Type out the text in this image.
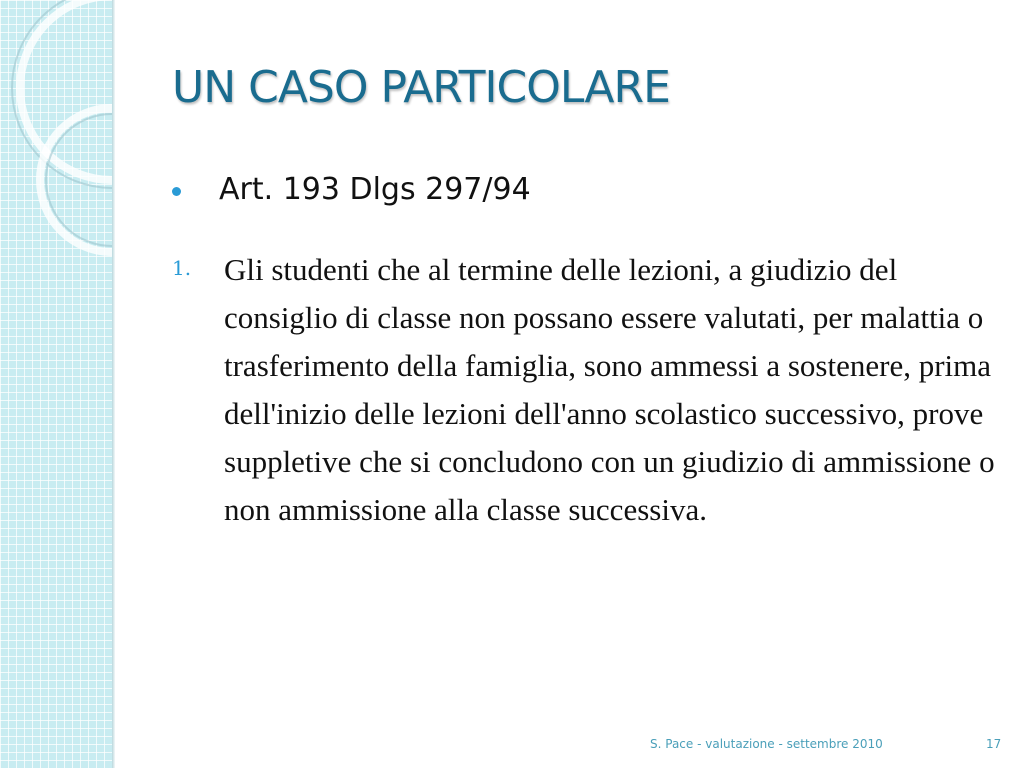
UN CASO PARTICOLARE
Art. 193 Dlgs 297/94
1.	Gli studenti che al termine delle lezioni, a giudizio del consiglio di classe non possano essere valutati, per malattia o trasferimento della famiglia, sono ammessi a sostenere, prima dell'inizio delle lezioni dell'anno scolastico successivo, prove suppletive che si concludono con un giudizio di ammissione o non ammissione alla classe successiva.

S. Pace - valutazione - settembre 2010	17
